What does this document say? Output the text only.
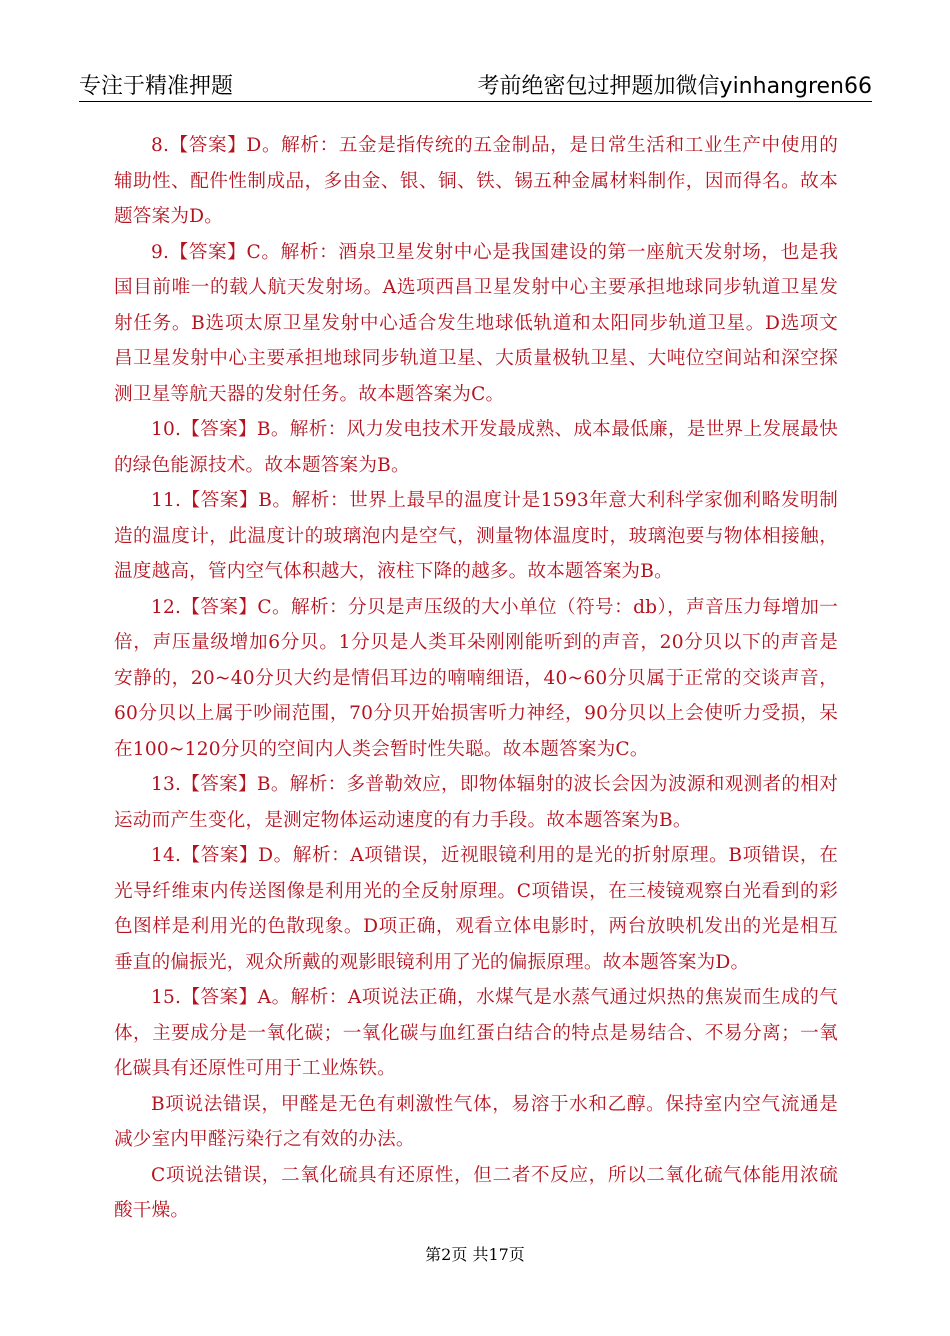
专注于精准押题	考前绝密包过押题加微信yinhangren66

8.【答案】D。解析：五金是指传统的五金制品，是日常生活和工业生产中使用的辅助性、配件性制成品，多由金、银、铜、铁、锡五种金属材料制作，因而得名。故本题答案为D。

9.【答案】C。解析：酒泉卫星发射中心是我国建设的第一座航天发射场，也是我国目前唯一的载人航天发射场。A选项西昌卫星发射中心主要承担地球同步轨道卫星发射任务。B选项太原卫星发射中心适合发生地球低轨道和太阳同步轨道卫星。D选项文昌卫星发射中心主要承担地球同步轨道卫星、大质量极轨卫星、大吨位空间站和深空探测卫星等航天器的发射任务。故本题答案为C。

10.【答案】B。解析：风力发电技术开发最成熟、成本最低廉，是世界上发展最快的绿色能源技术。故本题答案为B。

11.【答案】B。解析：世界上最早的温度计是1593年意大利科学家伽利略发明制造的温度计，此温度计的玻璃泡内是空气，测量物体温度时，玻璃泡要与物体相接触，温度越高，管内空气体积越大，液柱下降的越多。故本题答案为B。

12.【答案】C。解析：分贝是声压级的大小单位（符号：db），声音压力每增加一倍，声压量级增加6分贝。1分贝是人类耳朵刚刚能听到的声音，20分贝以下的声音是安静的，20~40分贝大约是情侣耳边的喃喃细语，40~60分贝属于正常的交谈声音，60分贝以上属于吵闹范围，70分贝开始损害听力神经，90分贝以上会使听力受损，呆在100~120分贝的空间内人类会暂时性失聪。故本题答案为C。

13.【答案】B。解析：多普勒效应，即物体辐射的波长会因为波源和观测者的相对运动而产生变化，是测定物体运动速度的有力手段。故本题答案为B。

14.【答案】D。解析：A项错误，近视眼镜利用的是光的折射原理。B项错误，在光导纤维束内传送图像是利用光的全反射原理。C项错误，在三棱镜观察白光看到的彩色图样是利用光的色散现象。D项正确，观看立体电影时，两台放映机发出的光是相互垂直的偏振光，观众所戴的观影眼镜利用了光的偏振原理。故本题答案为D。

15.【答案】A。解析：A项说法正确，水煤气是水蒸气通过炽热的焦炭而生成的气体，主要成分是一氧化碳；一氧化碳与血红蛋白结合的特点是易结合、不易分离；一氧化碳具有还原性可用于工业炼铁。

B项说法错误，甲醛是无色有刺激性气体，易溶于水和乙醇。保持室内空气流通是减少室内甲醛污染行之有效的办法。

C项说法错误，二氧化硫具有还原性，但二者不反应，所以二氧化硫气体能用浓硫酸干燥。

第2页 共17页
